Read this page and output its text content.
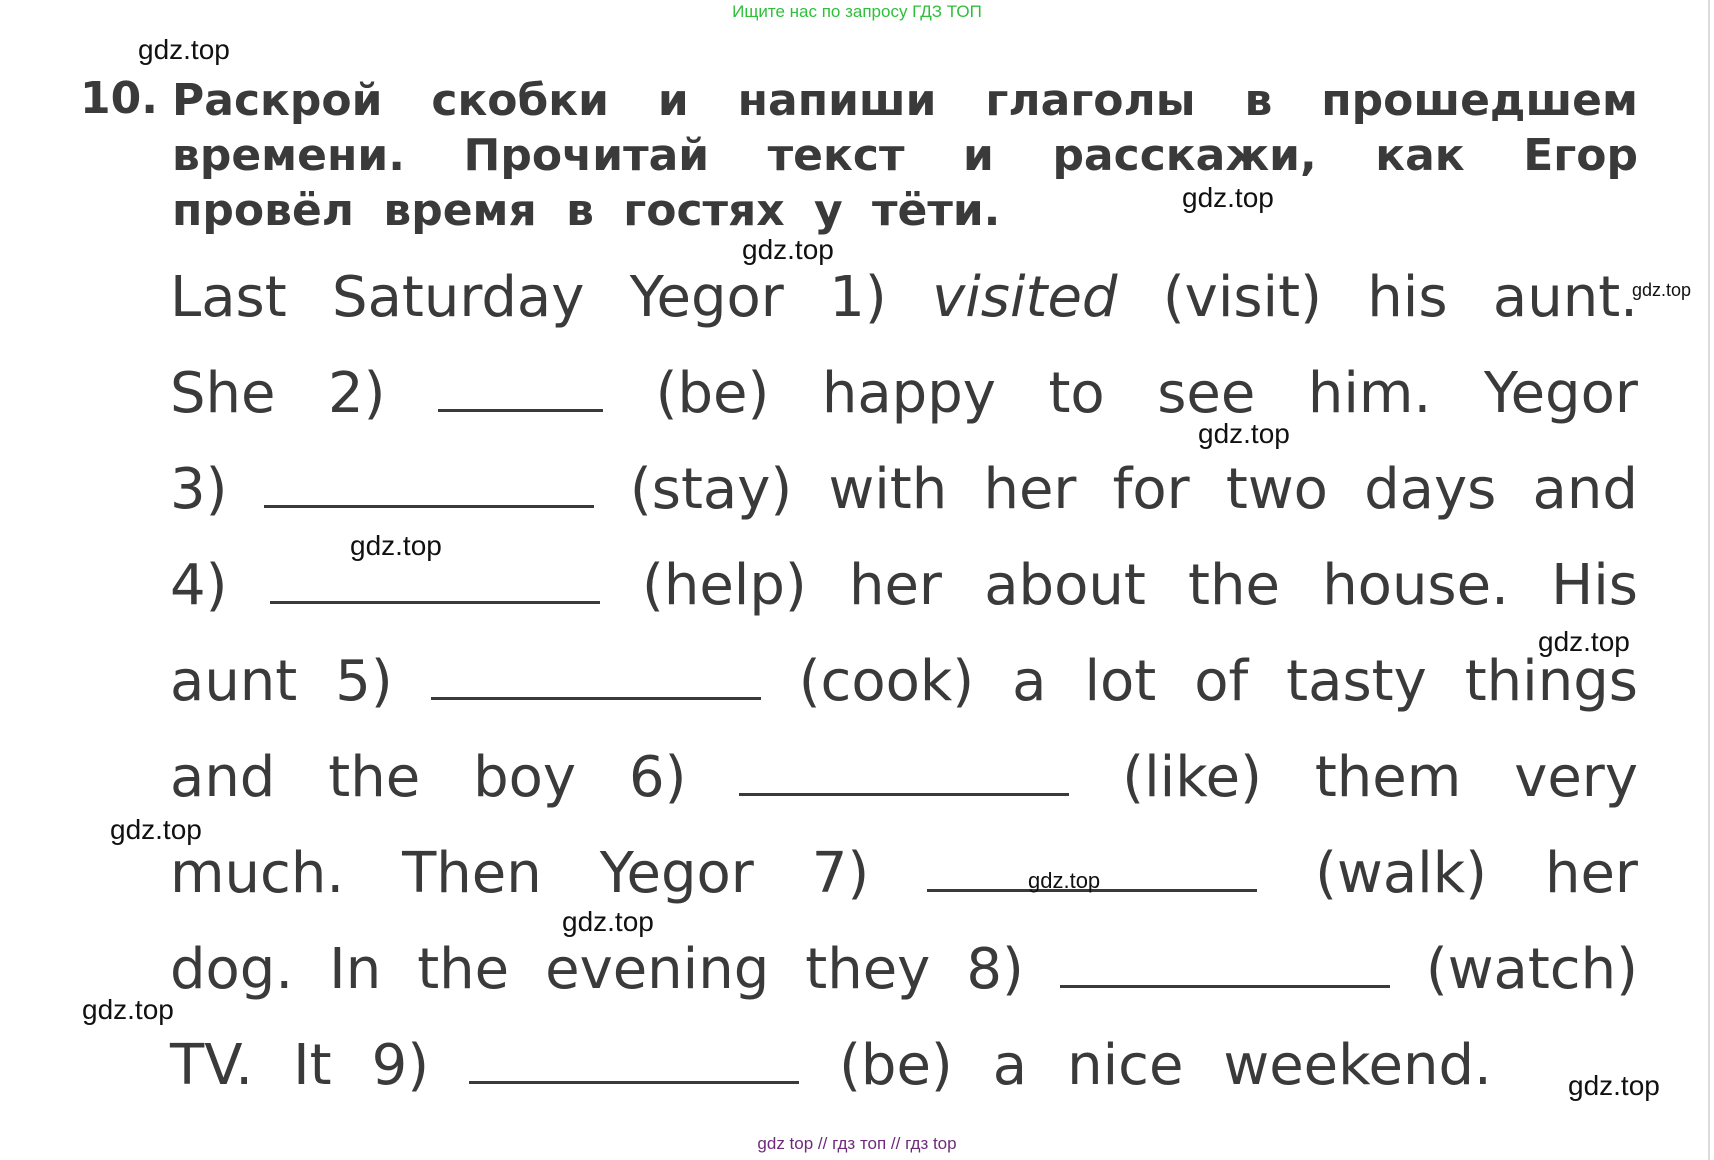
Ищите нас по запросу ГДЗ ТОП
10. Раскрой скобки и напиши глаголы в прошедшем времени. Прочитай текст и расскажи, как Егор провёл время в гостях у тёти.
Last Saturday Yegor 1) visited (visit) his aunt.
She 2)	(be) happy to see him. Yegor
3)	(stay) with her for two days and
4)	(help) her about the house. His
aunt 5)	(cook) a lot of tasty things
and the boy 6)	(like) them very
much. Then Yegor 7)	(walk) her
dog. In the evening they 8)	(watch)
TV. It 9)	(be) a nice weekend.
gdz.top
gdz.top
gdz.top
gdz.top
gdz.top
gdz.top
gdz.top
gdz.top
gdz.top
gdz.top
gdz.top
gdz.top
gdz top // гдз топ // гдз top
